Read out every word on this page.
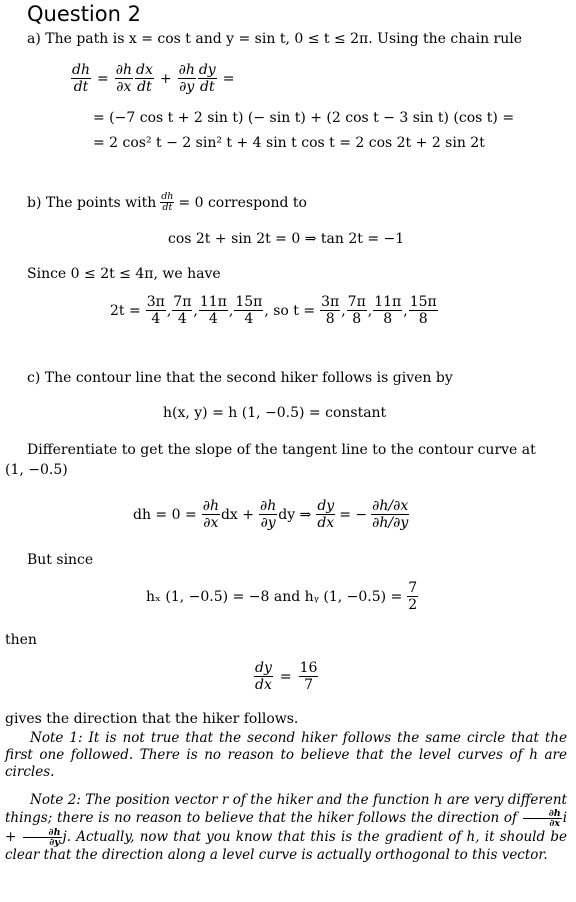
Question 2
a) The path is x = cos t and y = sin t, 0 ≤ t ≤ 2π. Using the chain rule
$\frac{dh}{dt} = \frac{\partial h}{\partial x} \frac{dx}{dt} + \frac{\partial h}{\partial y} \frac{dy}{dt}$ =
= (−7 cos t + 2 sin t) (− sin t) + (2 cos t − 3 sin t) (cos t) =
= 2 cos² t − 2 sin² t + 4 sin t cos t = 2 cos 2t + 2 sin 2t
b) The points with $\frac{dh}{dt} = 0$ correspond to
cos 2t + sin 2t = 0 ⇒ tan 2t = −1
Since 0 ≤ 2t ≤ 4π, we have
$2t = \frac{3\pi}{4}$ , $\frac{7\pi}{4}$ , $\frac{11\pi}{4}$ , $\frac{15\pi}{4}$ , so $t = \frac{3\pi}{8}$ , $\frac{7\pi}{8}$ , $\frac{11\pi}{8}$ , $\frac{15\pi}{8}$
c) The contour line that the second hiker follows is given by
h(x, y) = h (1, −0.5) = constant
Differentiate to get the slope of the tangent line to the contour curve at
(1, −0.5)
dh = $0 = \frac{\partial h}{\partial x}$ dx + $\frac{\partial h}{\partial y}$ dy ⇒ $\frac{dy}{dx}$ = − $\frac{\partial h/\partial x}{\partial h/\partial y}$
But since
hₓ (1, −0.5) = −8 and hᵧ (1, $-0.5) = \frac{7}{2}$
then
$\frac{dy}{dx} = \frac{16}{7}$
gives the direction that the hiker follows.
Note 1: It is not true that the second hiker follows the same circle that the first one followed. There is no reason to believe that the level curves of h are circles.
Note 2: The position vector r of the hiker and the function h are very different things; there is no reason to believe that the hiker follows the direction of $\frac{\partial h}{\partial x}$ $i + \frac{\partial h}{\partial y} j$. Actually, now that you know that this is the gradient of h, it should be clear that the direction along a level curve is actually orthogonal to this vector.
